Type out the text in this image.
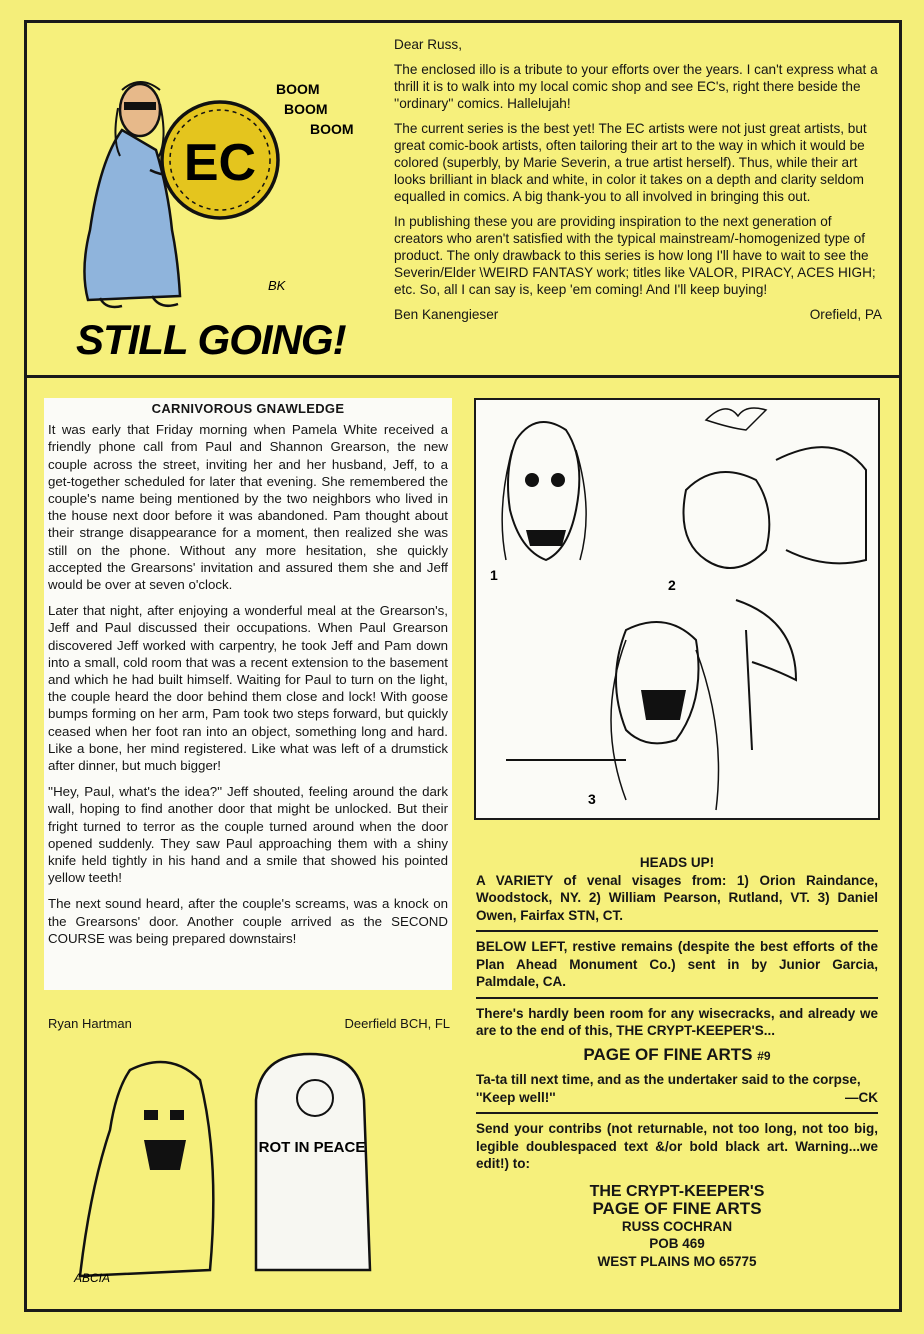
BOOM
BOOM
BOOM
EC
BK
STILL GOING!

Dear Russ,

The enclosed illo is a tribute to your efforts over the years. I can't express what a thrill it is to walk into my local comic shop and see EC's, right there beside the ''ordinary'' comics. Hallelujah!

The current series is the best yet! The EC artists were not just great artists, but great comic-book artists, often tailoring their art to the way in which it would be colored (superbly, by Marie Severin, a true artist herself). Thus, while their art looks brilliant in black and white, in color it takes on a depth and clarity seldom equalled in comics. A big thank-you to all involved in bringing this out.

In publishing these you are providing inspiration to the next generation of creators who aren't satisfied with the typical mainstream/-homogenized type of product. The only drawback to this series is how long I'll have to wait to see the Severin/Elder \WEIRD FANTASY work; titles like VALOR, PIRACY, ACES HIGH; etc. So, all I can say is, keep 'em coming! And I'll keep buying!

Ben Kanengieser	Orefield, PA
CARNIVOROUS GNAWLEDGE

It was early that Friday morning when Pamela White received a friendly phone call from Paul and Shannon Grearson, the new couple across the street, inviting her and her husband, Jeff, to a get-together scheduled for later that evening. She remembered the couple's name being mentioned by the two neighbors who lived in the house next door before it was abandoned. Pam thought about their strange disappearance for a moment, then realized she was still on the phone. Without any more hesitation, she quickly accepted the Grearsons' invitation and assured them she and Jeff would be over at seven o'clock.

Later that night, after enjoying a wonderful meal at the Grearson's, Jeff and Paul discussed their occupations. When Paul Grearson discovered Jeff worked with carpentry, he took Jeff and Pam down into a small, cold room that was a recent extension to the basement and which he had built himself. Waiting for Paul to turn on the light, the couple heard the door behind them close and lock! With goose bumps forming on her arm, Pam took two steps forward, but quickly ceased when her foot ran into an object, something long and hard. Like a bone, her mind registered. Like what was left of a drumstick after dinner, but much bigger!

''Hey, Paul, what's the idea?'' Jeff shouted, feeling around the dark wall, hoping to find another door that might be unlocked. But their fright turned to terror as the couple turned around when the door opened suddenly. They saw Paul approaching them with a shiny knife held tightly in his hand and a smile that showed his pointed yellow teeth!

The next sound heard, after the couple's screams, was a knock on the Grearsons' door. Another couple arrived as the SECOND COURSE was being prepared downstairs!

Ryan Hartman	Deerfield BCH, FL
1
2
3
ROT IN PEACE
ABCIA
HEADS UP!
A VARIETY of venal visages from: 1) Orion Raindance, Woodstock, NY. 2) William Pearson, Rutland, VT. 3) Daniel Owen, Fairfax STN, CT.
BELOW LEFT, restive remains (despite the best efforts of the Plan Ahead Monument Co.) sent in by Junior Garcia, Palmdale, CA.
There's hardly been room for any wisecracks, and already we are to the end of this, THE CRYPT-KEEPER'S...
PAGE OF FINE ARTS #9
Ta-ta till next time, and as the undertaker said to the corpse, ''Keep well!''	—CK
Send your contribs (not returnable, not too long, not too big, legible doublespaced text &/or bold black art. Warning...we edit!) to:
THE CRYPT-KEEPER'S
PAGE OF FINE ARTS
RUSS COCHRAN
POB 469
WEST PLAINS MO 65775
